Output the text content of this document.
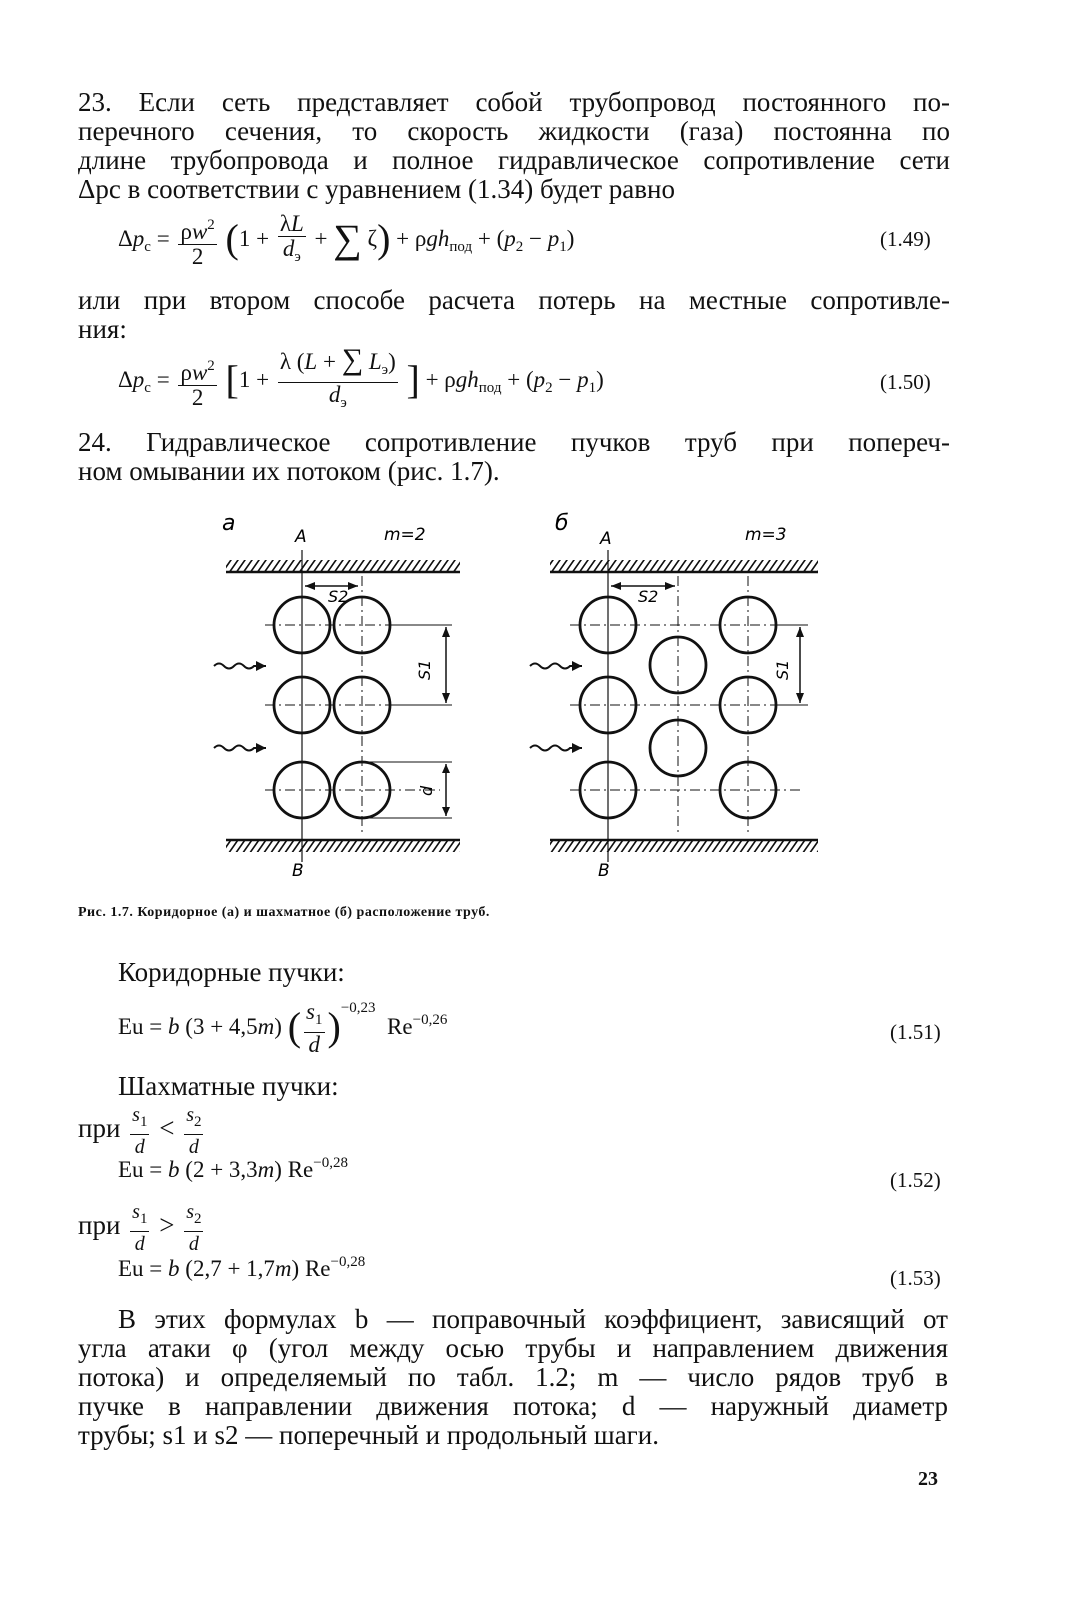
23. Если сеть представляет собой трубопровод постоянного по-
перечного сечения, то скорость жидкости (газа) постоянна по
длине трубопровода и полное гидравлическое сопротивление сети
Δpc в соответствии с уравнением (1.34) будет равно
$\Delta p_с = \frac{\rho w^2}{2} (1 + \frac{\lambda L}{d_э}$ + ∑ $\zeta) + \rho gh_{под} + (p_2 - p_1)$	(1.49)
или при втором способе расчета потерь на местные сопротивле-
ния:
$\Delta p_с = \frac{\rho w^2}{2} [1 + \frac{\lambda (L + \sum L_э)}{d_э}$ ] + $\rho gh_{под} + (p_2 - p_1)$	(1.50)
24. Гидравлическое сопротивление пучков труб при попереч-
ном омывании их потоком (рис. 1.7).
а
A	m=2
B
S2
S1
d
б
A	m=3
B
S2
S1
Рис. 1.7. Коридорное (а) и шахматное (б) расположение труб.
Коридорные пучки:
Eu = b (3 + 4,5m) ( $\frac{s_1}{d} )^{-0,23}$  $Re^{-0,26}$	(1.51)
Шахматные пучки:
при $\frac{s_1}{d} < \frac{s_2}{d}$
Eu = b (2 + 3,3m) $Re^{-0,28}$
(1.52)
при $\frac{s_1}{d} > \frac{s_2}{d}$
Eu = b (2,7 + 1,7m) $Re^{-0,28}$
(1.53)
В этих формулах b — поправочный коэффициент, зависящий от
угла атаки φ (угол между осью трубы и направлением движения
потока) и определяемый по табл. 1.2; m — число рядов труб в
пучке в направлении движения потока; d — наружный диаметр
трубы; s1 и s2 — поперечный и продольный шаги.
23
